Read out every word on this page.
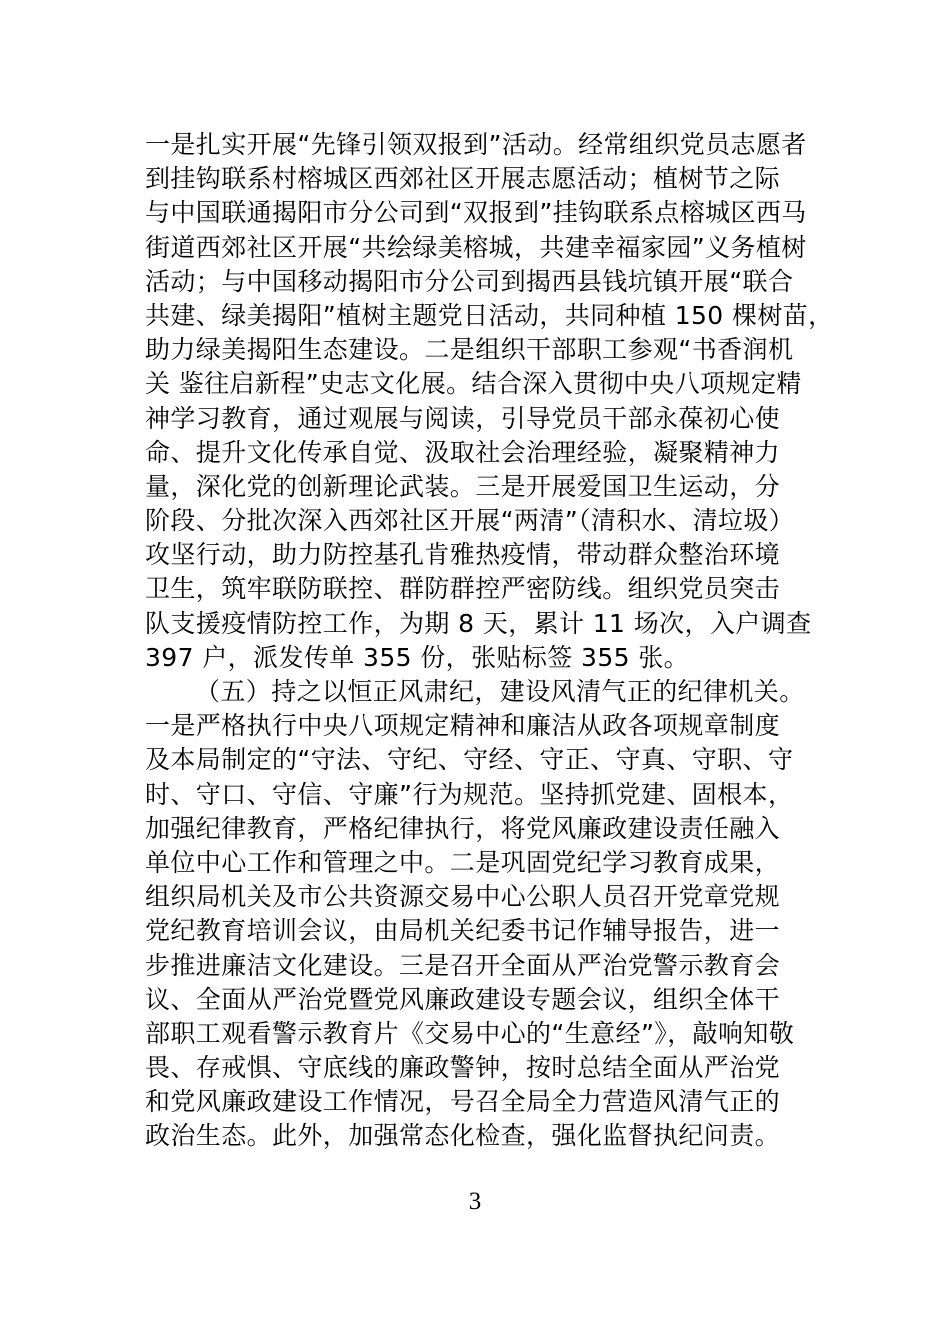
一是扎实开展“先锋引领双报到”活动。经常组织党员志愿者
到挂钩联系村榕城区西郊社区开展志愿活动；植树节之际
与中国联通揭阳市分公司到“双报到”挂钩联系点榕城区西马
街道西郊社区开展“共绘绿美榕城，共建幸福家园”义务植树
活动；与中国移动揭阳市分公司到揭西县钱坑镇开展“联合
共建、绿美揭阳”植树主题党日活动，共同种植 150 棵树苗，
助力绿美揭阳生态建设。二是组织干部职工参观“书香润机
关 鉴往启新程”史志文化展。结合深入贯彻中央八项规定精
神学习教育，通过观展与阅读，引导党员干部永葆初心使
命、提升文化传承自觉、汲取社会治理经验，凝聚精神力
量，深化党的创新理论武装。三是开展爱国卫生运动，分
阶段、分批次深入西郊社区开展“两清”（清积水、清垃圾）
攻坚行动，助力防控基孔肯雅热疫情，带动群众整治环境
卫生，筑牢联防联控、群防群控严密防线。组织党员突击
队支援疫情防控工作，为期 8 天，累计 11 场次，入户调查
397 户，派发传单 355 份，张贴标签 355 张。
（五）持之以恒正风肃纪，建设风清气正的纪律机关。
一是严格执行中央八项规定精神和廉洁从政各项规章制度
及本局制定的“守法、守纪、守经、守正、守真、守职、守
时、守口、守信、守廉”行为规范。坚持抓党建、固根本，
加强纪律教育，严格纪律执行，将党风廉政建设责任融入
单位中心工作和管理之中。二是巩固党纪学习教育成果，
组织局机关及市公共资源交易中心公职人员召开党章党规
党纪教育培训会议，由局机关纪委书记作辅导报告，进一
步推进廉洁文化建设。三是召开全面从严治党警示教育会
议、全面从严治党暨党风廉政建设专题会议，组织全体干
部职工观看警示教育片《交易中心的“生意经”》，敲响知敬
畏、存戒惧、守底线的廉政警钟，按时总结全面从严治党
和党风廉政建设工作情况，号召全局全力营造风清气正的
政治生态。此外，加强常态化检查，强化监督执纪问责。
3
